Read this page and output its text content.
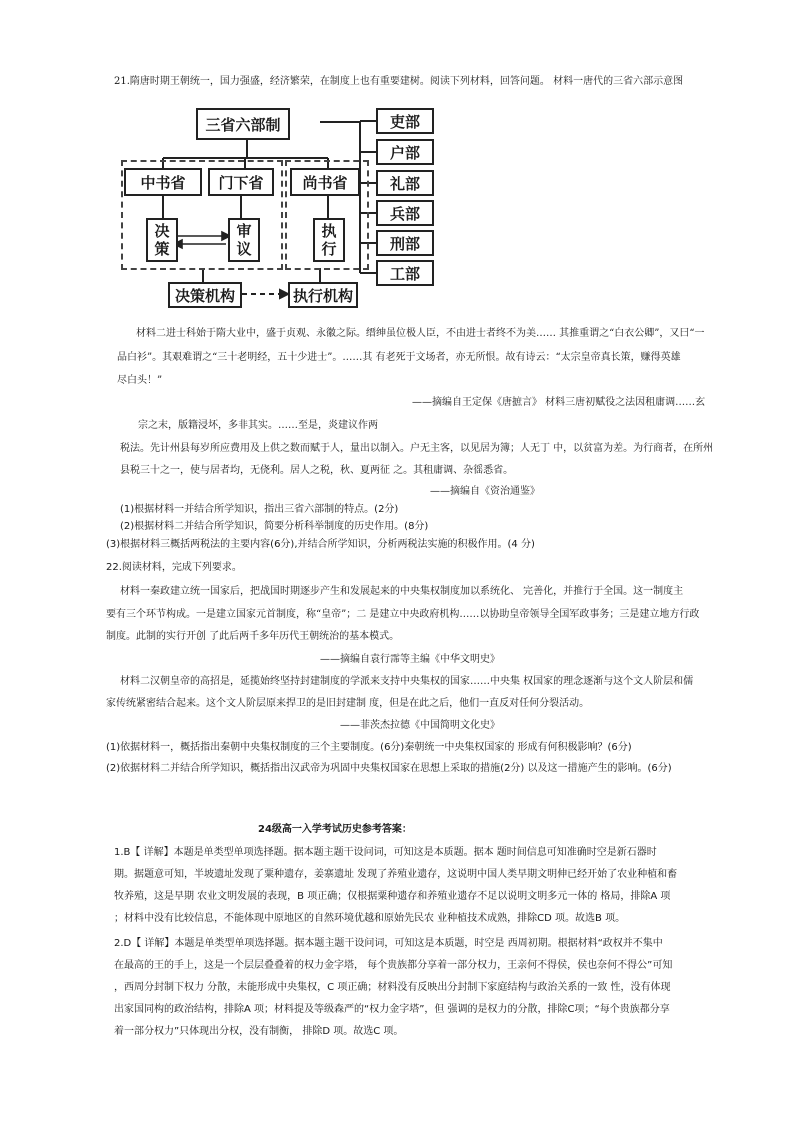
21.隋唐时期王朝统一，国力强盛，经济繁荣，在制度上也有重要建树。阅读下列材料，回答问题。 材料一唐代的三省六部示意图
三省六部制
中书省	门下省	尚书省
决
策
审
议
执
行
决策机构	执行机构
吏部
户部
礼部
兵部
刑部
工部
材料二进士科始于隋大业中，盛于贞观、永徽之际。缙绅虽位极人臣，不由进士者终不为美…… 其推重谓之“白衣公卿”，又曰“一
品白衫”。其艰难谓之“三十老明经，五十少进士”。……其 有老死于文场者，亦无所恨。故有诗云：“太宗皇帝真长策，赚得英雄
尽白头！”
——摘编自王定保《唐摭言》 材料三唐初赋役之法因租庸调……玄
宗之末，版籍浸坏，多非其实。……至是，炎建议作两
税法。先计州县每岁所应费用及上供之数而赋于人，量出以制入。户无主客，以见居为簿；人无丁 中，以贫富为差。为行商者，在所州
县税三十之一，使与居者均，无侥利。居人之税，秋、夏两征 之。其租庸调、杂徭悉省。
——摘编自《资治通鉴》
(1)根据材料一并结合所学知识，指出三省六部制的特点。(2分)
(2)根据材料二并结合所学知识，简要分析科举制度的历史作用。(8分)
(3)根据材料三概括两税法的主要内容(6分),并结合所学知识，分析两税法实施的积极作用。(4 分)
22.阅读材料，完成下列要求。
材料一秦政建立统一国家后，把战国时期逐步产生和发展起来的中央集权制度加以系统化、 完善化，并推行于全国。这一制度主
要有三个环节构成。一是建立国家元首制度，称“皇帝”；二 是建立中央政府机构……以协助皇帝领导全国军政事务；三是建立地方行政
制度。此制的实行开创 了此后两千多年历代王朝统治的基本模式。
——摘编自袁行霈等主编《中华文明史》
材料二汉朝皇帝的高招是，延揽始终坚持封建制度的学派来支持中央集权的国家……中央集 权国家的理念逐渐与这个文人阶层和儒
家传统紧密结合起来。这个文人阶层原来捍卫的是旧封建制 度，但是在此之后，他们一直反对任何分裂活动。
——菲茨杰拉德《中国简明文化史》
(1)依据材料一，概括指出秦朝中央集权制度的三个主要制度。(6分)秦朝统一中央集权国家的 形成有何积极影响？(6分)
(2)依据材料二并结合所学知识，概括指出汉武帝为巩固中央集权国家在思想上采取的措施(2分) 以及这一措施产生的影响。(6分)
24级高一入学考试历史参考答案：
1.B【 详解】本题是单类型单项选择题。据本题主题干设问词，可知这是本质题。据本 题时间信息可知准确时空是新石器时
期。据题意可知，半坡遗址发现了粟种遗存，姜寨遗址 发现了养殖业遗存，这说明中国人类早期文明伸已经开始了农业种植和畜
牧养殖，这是早期 农业文明发展的表现，B 项正确；仅根据粟种遗存和养殖业遗存不足以说明文明多元一体的 格局，排除A 项
；材料中没有比较信息，不能体现中原地区的自然环境优越和原始先民农 业种植技术成熟，排除CD 项。故选B 项。
2.D【 详解】本题是单类型单项选择题。据本题主题干设问词，可知这是本质题，时空是 西周初期。根据材料“政权并不集中
在最高的王的手上，这是一个层层叠叠着的权力金字塔， 每个贵族都分享着一部分权力，王亲何不得侯，侯也奈何不得公”可知
，西周分封制下权力 分散，未能形成中央集权，C 项正确；材料没有反映出分封制下家庭结构与政治关系的一致 性，没有体现
出家国同构的政治结构，排除A 项；材料提及等级森严的“权力金字塔”，但 强调的是权力的分散，排除C项；“每个贵族都分享
着一部分权力”只体现出分权，没有制衡， 排除D 项。故选C 项。
